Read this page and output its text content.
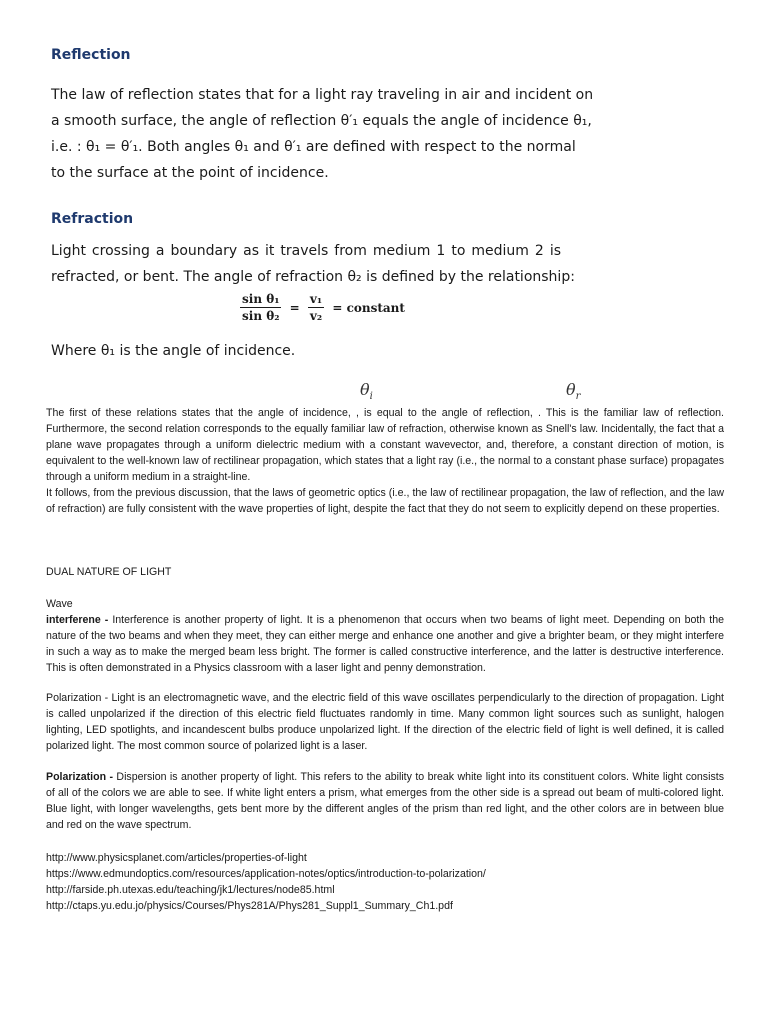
Reflection
The law of reflection states that for a light ray traveling in air and incident on
a smooth surface, the angle of reflection θ′₁ equals the angle of incidence θ₁,
i.e. : θ₁ = θ′₁. Both angles θ₁ and θ′₁ are defined with respect to the normal
to the surface at the point of incidence.
Refraction
Light crossing a boundary as it travels from medium 1 to medium 2 is
refracted, or bent. The angle of refraction θ₂ is defined by the relationship:
$\frac{\text{sin θ₁}}{\text{sin θ₂}} = \frac{\text{v₁}}{\text{v₂}}$ = constant
Where θ₁ is the angle of incidence.
$\theta_i$	$\theta_r$

The first of these relations states that the angle of incidence, , is equal to the angle of reflection, . This is the familiar law of reflection. Furthermore, the second relation corresponds to the equally familiar law of refraction, otherwise known as Snell's law. Incidentally, the fact that a plane wave propagates through a uniform dielectric medium with a constant wavevector, and, therefore, a constant direction of motion, is equivalent to the well-known law of rectilinear propagation, which states that a light ray (i.e., the normal to a constant phase surface) propagates through a uniform medium in a straight-line.

It follows, from the previous discussion, that the laws of geometric optics (i.e., the law of rectilinear propagation, the law of reflection, and the law of refraction) are fully consistent with the wave properties of light, despite the fact that they do not seem to explicitly depend on these properties.

DUAL NATURE OF LIGHT
Wave

interferene - Interference is another property of light. It is a phenomenon that occurs when two beams of light meet. Depending on both the nature of the two beams and when they meet, they can either merge and enhance one another and give a brighter beam, or they might interfere in such a way as to make the merged beam less bright. The former is called constructive interference, and the latter is destructive interference. This is often demonstrated in a Physics classroom with a laser light and penny demonstration.

Polarization - Light is an electromagnetic wave, and the electric field of this wave oscillates perpendicularly to the direction of propagation. Light is called unpolarized if the direction of this electric field fluctuates randomly in time. Many common light sources such as sunlight, halogen lighting, LED spotlights, and incandescent bulbs produce unpolarized light. If the direction of the electric field of light is well defined, it is called polarized light. The most common source of polarized light is a laser.

Polarization - Dispersion is another property of light. This refers to the ability to break white light into its constituent colors. White light consists of all of the colors we are able to see. If white light enters a prism, what emerges from the other side is a spread out beam of multi-colored light. Blue light, with longer wavelengths, gets bent more by the different angles of the prism than red light, and the other colors are in between blue and red on the wave spectrum.

http://www.physicsplanet.com/articles/properties-of-light
https://www.edmundoptics.com/resources/application-notes/optics/introduction-to-polarization/
http://farside.ph.utexas.edu/teaching/jk1/lectures/node85.html
http://ctaps.yu.edu.jo/physics/Courses/Phys281A/Phys281_Suppl1_Summary_Ch1.pdf
